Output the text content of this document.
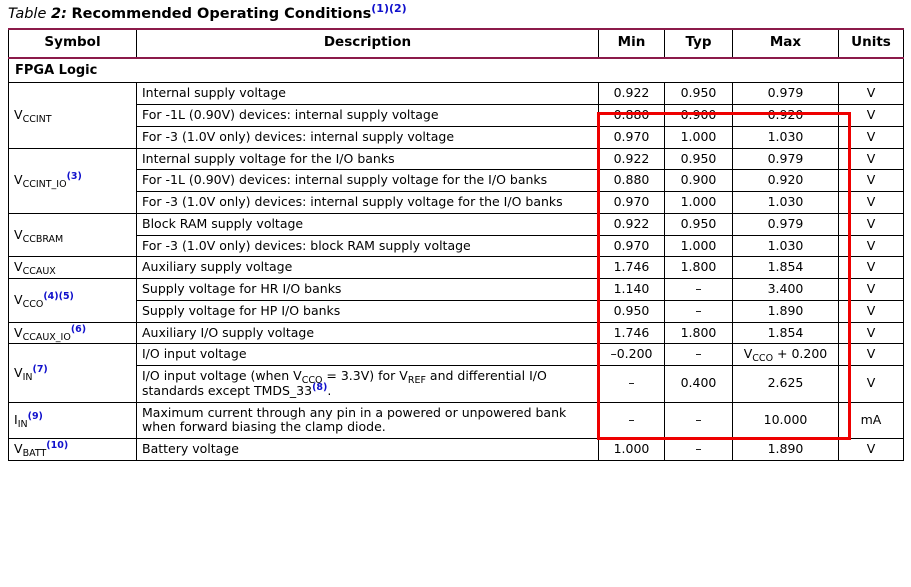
Table 2: Recommended Operating Conditions$^{(1)(2)}$
Symbol	Description	Min	Typ	Max	Units
FPGA Logic					
$V_{CCINT}$	Internal supply voltage	0.922	0.950	0.979	V
	For -1L (0.90V) devices: internal supply voltage	0.880	0.900	0.920	V
	For -3 (1.0V only) devices: internal supply voltage	0.970	1.000	1.030	V
$V_{CCINT\_IO}^{(3)}$	Internal supply voltage for the I/O banks	0.922	0.950	0.979	V
	For -1L (0.90V) devices: internal supply voltage for the I/O banks	0.880	0.900	0.920	V
	For -3 (1.0V only) devices: internal supply voltage for the I/O banks	0.970	1.000	1.030	V
$V_{CCBRAM}$	Block RAM supply voltage	0.922	0.950	0.979	V
	For -3 (1.0V only) devices: block RAM supply voltage	0.970	1.000	1.030	V
$V_{CCAUX}$	Auxiliary supply voltage	1.746	1.800	1.854	V
$V_{CCO}^{(4)(5)}$	Supply voltage for HR I/O banks	1.140	–	3.400	V
	Supply voltage for HP I/O banks	0.950	–	1.890	V
$V_{CCAUX\_IO}^{(6)}$	Auxiliary I/O supply voltage	1.746	1.800	1.854	V
$V_{IN}^{(7)}$	I/O input voltage	–0.200	–	$V_{CCO} + 0.200$	V
	I/O input voltage (when $V_{CCO} = 3.3V$) for $V_{REF}$ and differential I/O standards except TMDS_33$^{(8)}$.	–	0.400	2.625	V
$I_{IN}^{(9)}$	Maximum current through any pin in a powered or unpowered bank when forward biasing the clamp diode.	–	–	10.000	mA
$V_{BATT}^{(10)}$	Battery voltage	1.000	–	1.890	V
